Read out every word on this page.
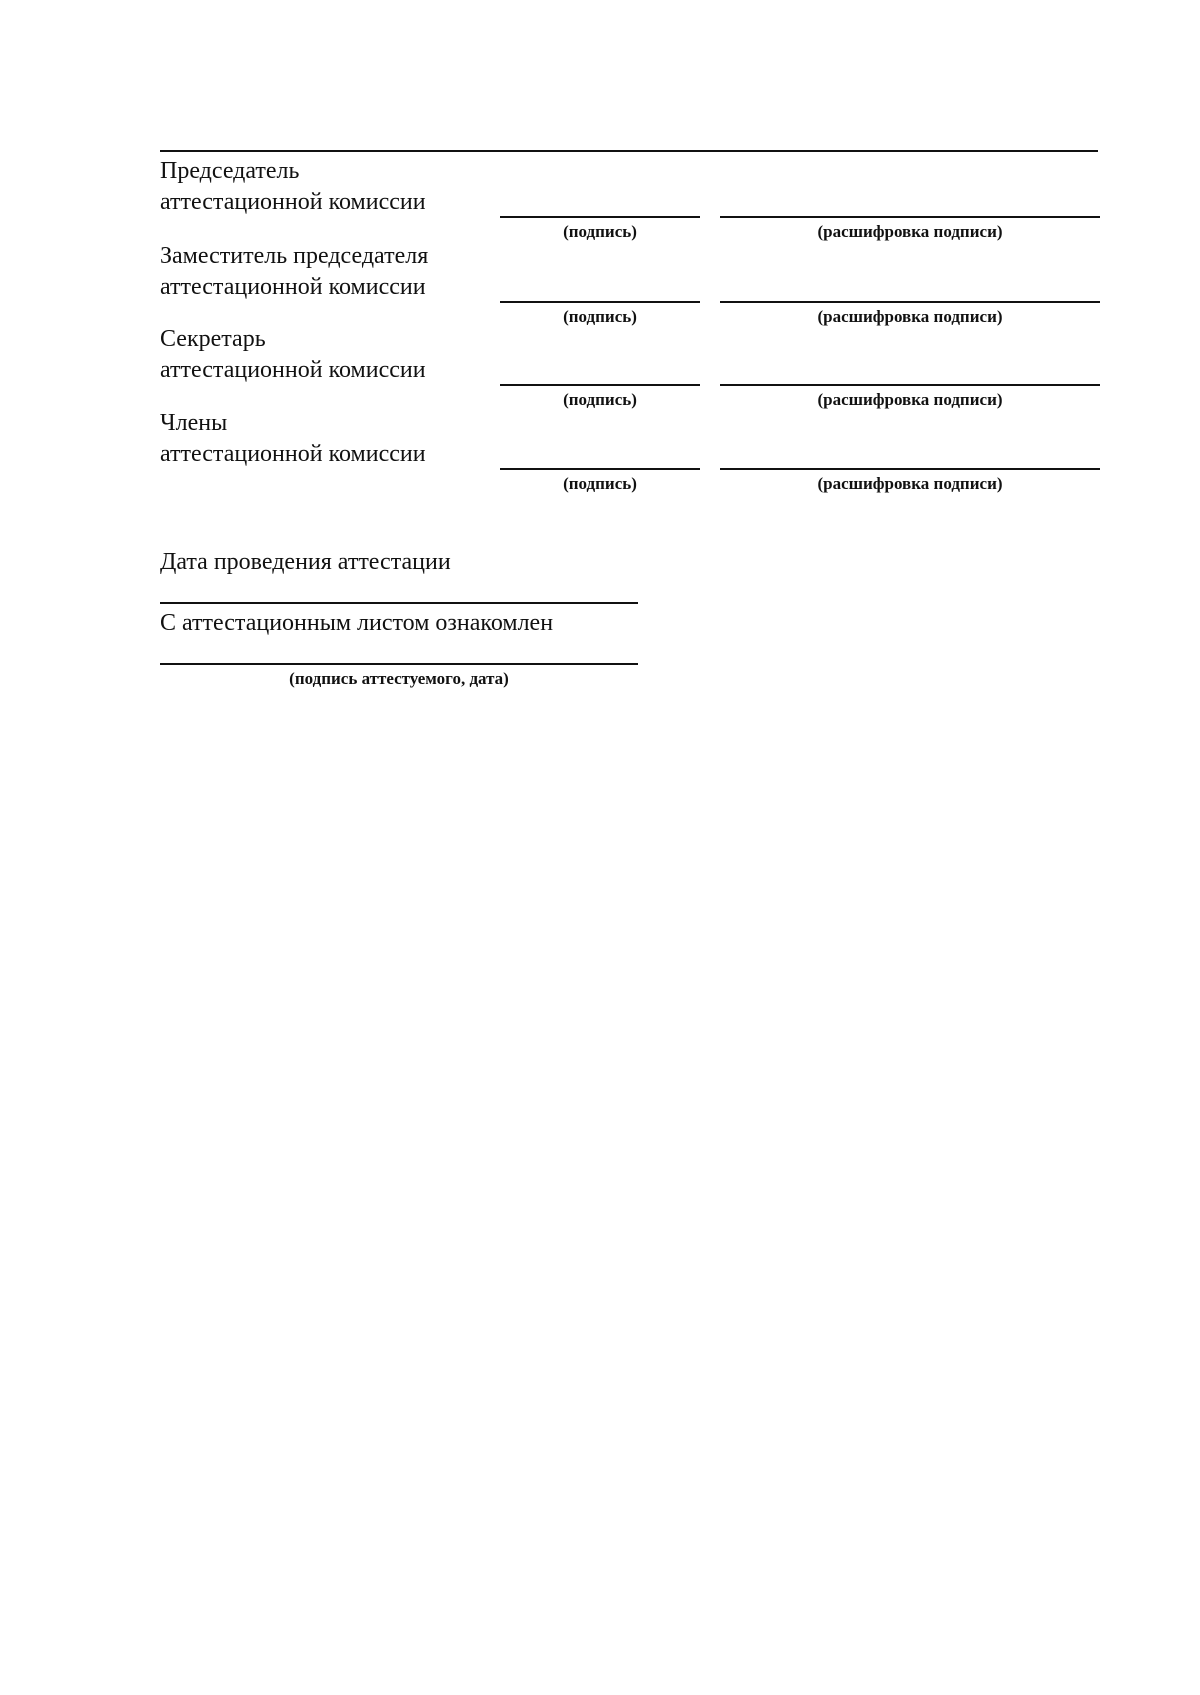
Председатель
аттестационной комиссии
(подпись)	(расшифровка подписи)
Заместитель председателя
аттестационной комиссии
(подпись)	(расшифровка подписи)
Секретарь
аттестационной комиссии
(подпись)	(расшифровка подписи)
Члены
аттестационной комиссии
(подпись)	(расшифровка подписи)
Дата проведения аттестации
С аттестационным листом ознакомлен
(подпись аттестуемого, дата)
